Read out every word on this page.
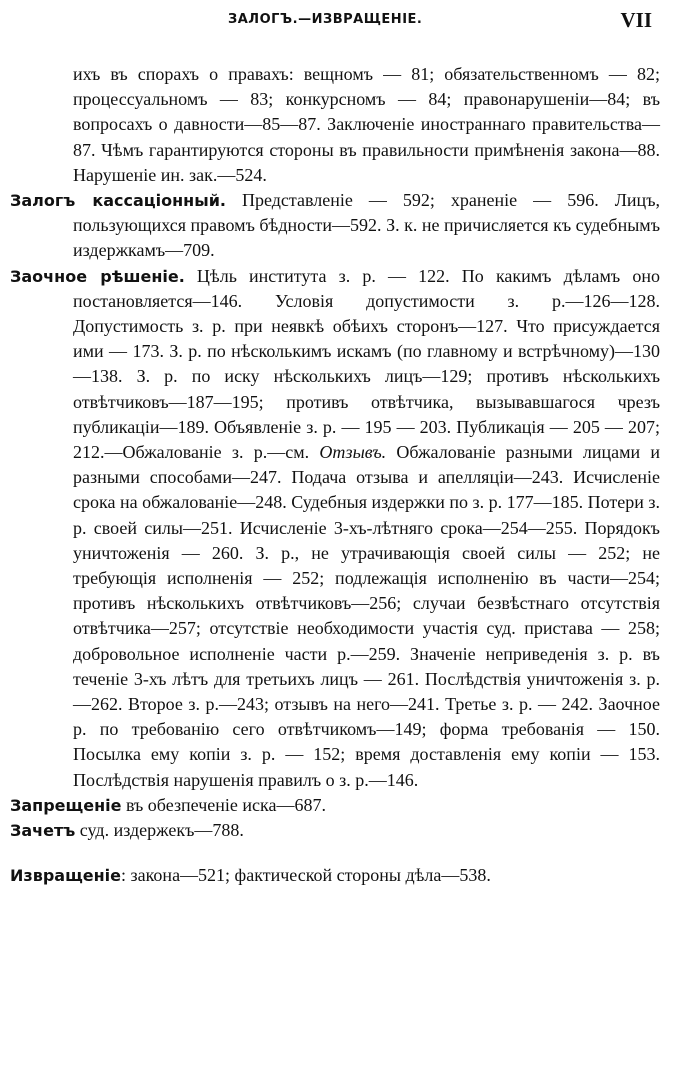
ЗАЛОГЪ.—ИЗВРАЩЕНІЕ.	VII

ихъ въ спорахъ о правахъ: вещномъ — 81; обязательственномъ — 82; процессуальномъ — 83; конкурсномъ — 84; правонарушеніи—84; въ вопросахъ о давности—85—87. Заключеніе иностраннаго правительства—87. Чѣмъ гарантируются стороны въ правильности примѣненія закона—88. Нарушеніе ин. зак.—524.

Залогъ кассаціонный. Представленіе — 592; храненіе — 596. Лицъ, пользующихся правомъ бѣдности—592. З. к. не причисляется къ судебнымъ издержкамъ—709.

Заочное рѣшеніе. Цѣль института з. р. — 122. По какимъ дѣламъ оно постановляется—146. Условія допустимости з. р.—126—128. Допустимость з. р. при неявкѣ обѣихъ сторонъ—127. Что присуждается ими — 173. З. р. по нѣсколькимъ искамъ (по главному и встрѣчному)—130—138. З. р. по иску нѣсколькихъ лицъ—129; противъ нѣсколькихъ отвѣтчиковъ—187—195; противъ отвѣтчика, вызывавшагося чрезъ публикаціи—189. Объявленіе з. р. — 195 — 203. Публикація — 205 — 207; 212.—Обжалованіе з. р.—см. Отзывъ. Обжалованіе разными лицами и разными способами—247. Подача отзыва и апелляціи—243. Исчисленіе срока на обжалованіе—248. Судебныя издержки по з. р. 177—185. Потери з. р. своей силы—251. Исчисленіе 3-хъ-лѣтняго срока—254—255. Порядокъ уничтоженія — 260. З. р., не утрачивающія своей силы — 252; не требующія исполненія — 252; подлежащія исполненію въ части—254; противъ нѣсколькихъ отвѣтчиковъ—256; случаи безвѣстнаго отсутствія отвѣтчика—257; отсутствіе необходимости участія суд. пристава — 258; добровольное исполненіе части р.—259. Значеніе неприведенія з. р. въ теченіе 3-хъ лѣтъ для третьихъ лицъ — 261. Послѣдствія уничтоженія з. р.—262. Второе з. р.—243; отзывъ на него—241. Третье з. р. — 242. Заочное р. по требованію сего отвѣтчикомъ—149; форма требованія — 150. Посылка ему копіи з. р. — 152; время доставленія ему копіи — 153. Послѣдствія нарушенія правилъ о з. р.—146.

Запрещеніе въ обезпеченіе иска—687.

Зачетъ суд. издержекъ—788.

Извращеніе: закона—521; фактической стороны дѣла—538.
